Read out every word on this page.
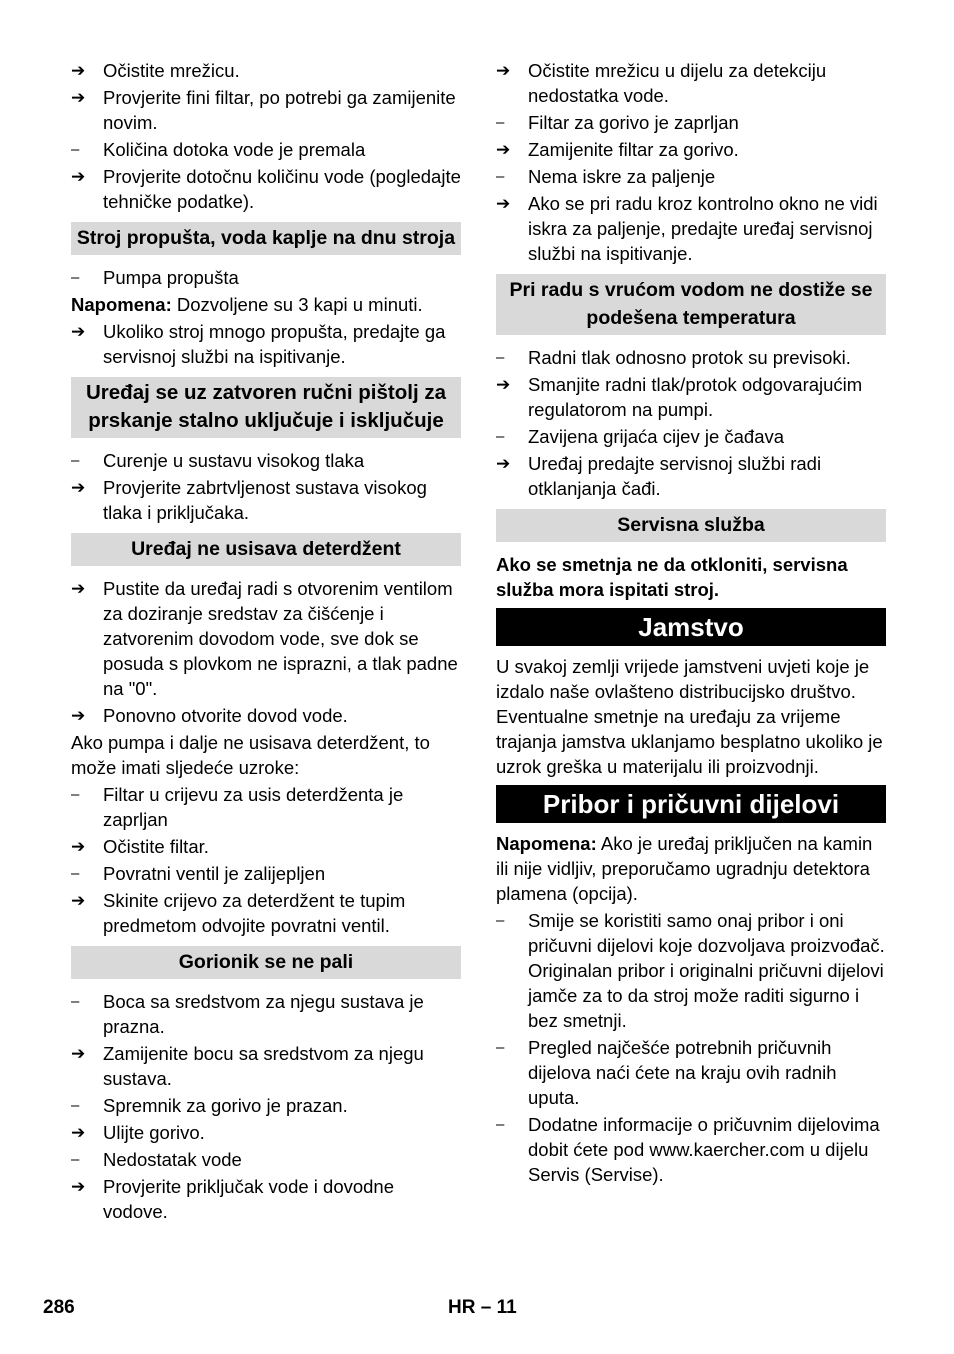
➔ Očistite mrežicu.
➔ Provjerite fini filtar, po potrebi ga zamijenite novim.
–	Količina dotoka vode je premala
➔ Provjerite dotočnu količinu vode (pogledajte tehničke podatke).
Stroj propušta, voda kaplje na dnu stroja
–	Pumpa propušta
Napomena: Dozvoljene su 3 kapi u minuti.
➔ Ukoliko stroj mnogo propušta, predajte ga servisnoj službi na ispitivanje.
Uređaj se uz zatvoren ručni pištolj za prskanje stalno uključuje i isključuje
–	Curenje u sustavu visokog tlaka
➔ Provjerite zabrtvljenost sustava visokog tlaka i priključaka.
Uređaj ne usisava deterdžent
➔ Pustite da uređaj radi s otvorenim ventilom za doziranje sredstav za čišćenje i zatvorenim dovodom vode, sve dok se posuda s plovkom ne isprazni, a tlak padne na "0".
➔ Ponovno otvorite dovod vode.
Ako pumpa i dalje ne usisava deterdžent, to može imati sljedeće uzroke:
–	Filtar u crijevu za usis deterdženta je zaprljan
➔ Očistite filtar.
–	Povratni ventil je zalijepljen
➔ Skinite crijevo za deterdžent te tupim predmetom odvojite povratni ventil.
Gorionik se ne pali
–	Boca sa sredstvom za njegu sustava je prazna.
➔ Zamijenite bocu sa sredstvom za njegu sustava.
–	Spremnik za gorivo je prazan.
➔ Ulijte gorivo.
–	Nedostatak vode
➔ Provjerite priključak vode i dovodne vodove.
➔ Očistite mrežicu u dijelu za detekciju nedostatka vode.
–	Filtar za gorivo je zaprljan
➔ Zamijenite filtar za gorivo.
–	Nema iskre za paljenje
➔ Ako se pri radu kroz kontrolno okno ne vidi iskra za paljenje, predajte uređaj servisnoj službi na ispitivanje.
Pri radu s vrućom vodom ne dostiže se podešena temperatura
–	Radni tlak odnosno protok su previsoki.
➔ Smanjite radni tlak/protok odgovarajućim regulatorom na pumpi.
–	Zavijena grijaća cijev je čađava
➔ Uređaj predajte servisnoj službi radi otklanjanja čađi.
Servisna služba
Ako se smetnja ne da otkloniti, servisna služba mora ispitati stroj.
Jamstvo
U svakoj zemlji vrijede jamstveni uvjeti koje je izdalo naše ovlašteno distribucijsko društvo. Eventualne smetnje na uređaju za vrijeme trajanja jamstva uklanjamo besplatno ukoliko je uzrok greška u materijalu ili proizvodnji.
Pribor i pričuvni dijelovi
Napomena: Ako je uređaj priključen na kamin ili nije vidljiv, preporučamo ugradnju detektora plamena (opcija).
–	Smije se koristiti samo onaj pribor i oni pričuvni dijelovi koje dozvoljava proizvođač. Originalan pribor i originalni pričuvni dijelovi jamče za to da stroj može raditi sigurno i bez smetnji.
–	Pregled najčešće potrebnih pričuvnih dijelova naći ćete na kraju ovih radnih uputa.
–	Dodatne informacije o pričuvnim dijelovima dobit ćete pod www.kaercher.com u dijelu Servis (Servise).
286	HR – 11
